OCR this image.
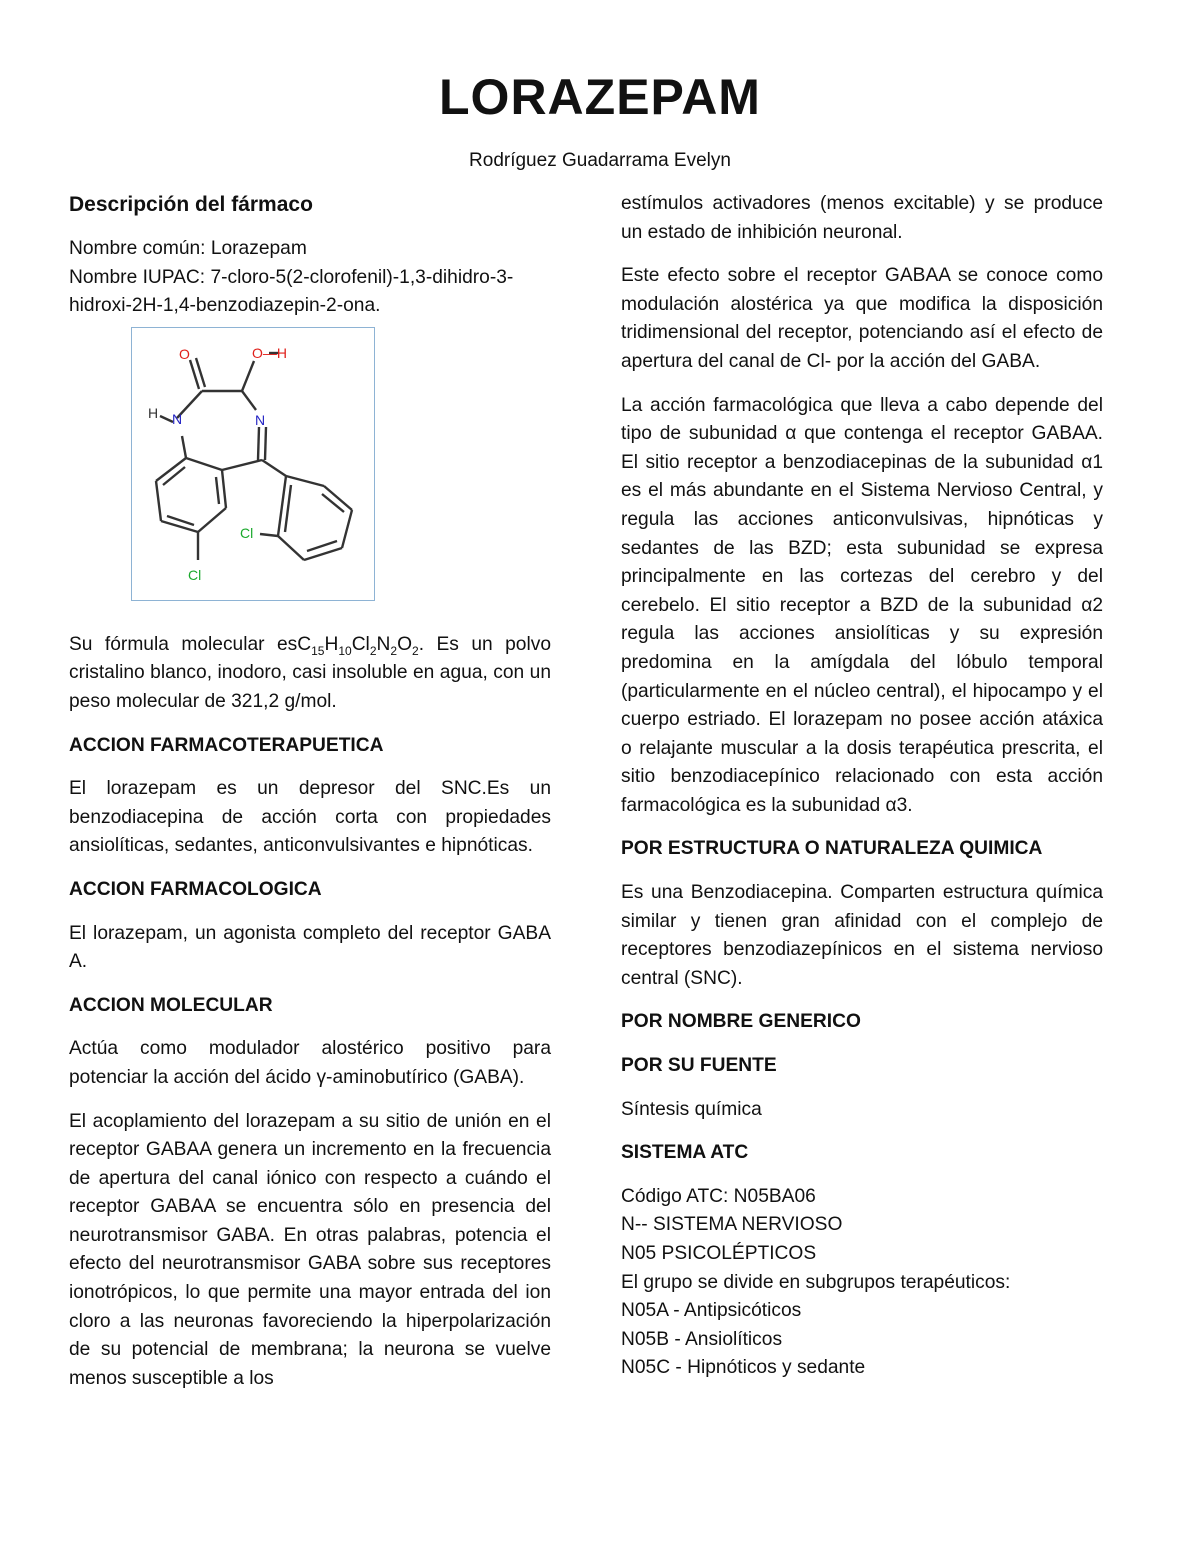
LORAZEPAM

Rodríguez Guadarrama Evelyn

Descripción del fármaco

Nombre común: Lorazepam

Nombre IUPAC: 7-cloro-5(2-clorofenil)-1,3-dihidro-3-hidroxi-2H-1,4-benzodiazepin-2-ona.

O	O—H
H N	N
Cl
Cl

Su fórmula molecular $esC_{15}H_{10}Cl_2N_2O_2$. Es un polvo cristalino blanco, inodoro, casi insoluble en agua, con un peso molecular de 321,2 g/mol.

ACCION FARMACOTERAPUETICA

El lorazepam es un depresor del SNC.Es un benzodiacepina de acción corta con propiedades ansiolíticas, sedantes, anticonvulsivantes e hipnóticas.

ACCION FARMACOLOGICA

El lorazepam, un agonista completo del receptor GABA A.

ACCION MOLECULAR

Actúa como modulador alostérico positivo para potenciar la acción del ácido γ-aminobutírico (GABA).

El acoplamiento del lorazepam a su sitio de unión en el receptor GABAA genera un incremento en la frecuencia de apertura del canal iónico con respecto a cuándo el receptor GABAA se encuentra sólo en presencia del neurotransmisor GABA. En otras palabras, potencia el efecto del neurotransmisor GABA sobre sus receptores ionotrópicos, lo que permite una mayor entrada del ion cloro a las neuronas favoreciendo la hiperpolarización de su potencial de membrana; la neurona se vuelve menos susceptible a los

estímulos activadores (menos excitable) y se produce un estado de inhibición neuronal.

Este efecto sobre el receptor GABAA se conoce como modulación alostérica ya que modifica la disposición tridimensional del receptor, potenciando así el efecto de apertura del canal de Cl- por la acción del GABA.

La acción farmacológica que lleva a cabo depende del tipo de subunidad α que contenga el receptor GABAA. El sitio receptor a benzodiacepinas de la subunidad α1 es el más abundante en el Sistema Nervioso Central, y regula las acciones anticonvulsivas, hipnóticas y sedantes de las BZD; esta subunidad se expresa principalmente en las cortezas del cerebro y del cerebelo. El sitio receptor a BZD de la subunidad α2 regula las acciones ansiolíticas y su expresión predomina en la amígdala del lóbulo temporal (particularmente en el núcleo central), el hipocampo y el cuerpo estriado. El lorazepam no posee acción atáxica o relajante muscular a la dosis terapéutica prescrita, el sitio benzodiacepínico relacionado con esta acción farmacológica es la subunidad α3.

POR ESTRUCTURA O NATURALEZA QUIMICA

Es una Benzodiacepina. Comparten estructura química similar y tienen gran afinidad con el complejo de receptores benzodiazepínicos en el sistema nervioso central (SNC).

POR NOMBRE GENERICO
POR SU FUENTE

Síntesis química

SISTEMA ATC
Código ATC: N05BA06
N-- SISTEMA NERVIOSO
N05 PSICOLÉPTICOS
El grupo se divide en subgrupos terapéuticos:
N05A - Antipsicóticos
N05B - Ansiolíticos
N05C - Hipnóticos y sedante
